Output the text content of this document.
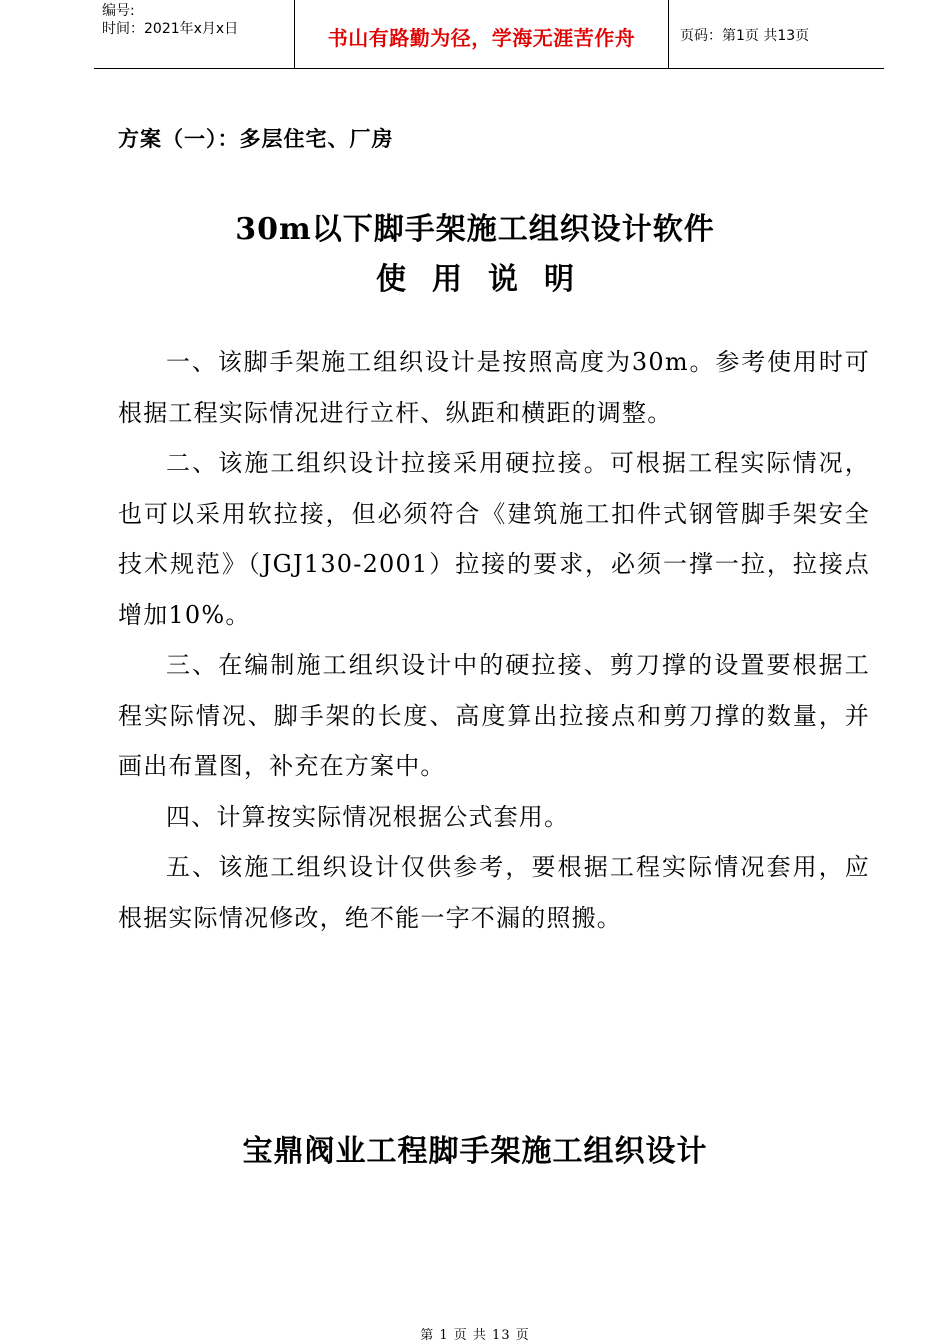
编号:
时间：2021年x月x日	书山有路勤为径，学海无涯苦作舟	页码：第1页 共13页
方案（一）：多层住宅、厂房
30m以下脚手架施工组织设计软件
使用说明

一、该脚手架施工组织设计是按照高度为30m。参考使用时可根据工程实际情况进行立杆、纵距和横距的调整。

二、该施工组织设计拉接采用硬拉接。可根据工程实际情况，也可以采用软拉接，但必须符合《建筑施工扣件式钢管脚手架安全技术规范》（JGJ130-2001）拉接的要求，必须一撑一拉，拉接点增加10%。

三、在编制施工组织设计中的硬拉接、剪刀撑的设置要根据工程实际情况、脚手架的长度、高度算出拉接点和剪刀撑的数量，并画出布置图，补充在方案中。

四、计算按实际情况根据公式套用。

五、该施工组织设计仅供参考，要根据工程实际情况套用，应根据实际情况修改，绝不能一字不漏的照搬。

宝鼎阀业工程脚手架施工组织设计
第 1 页 共 13 页
